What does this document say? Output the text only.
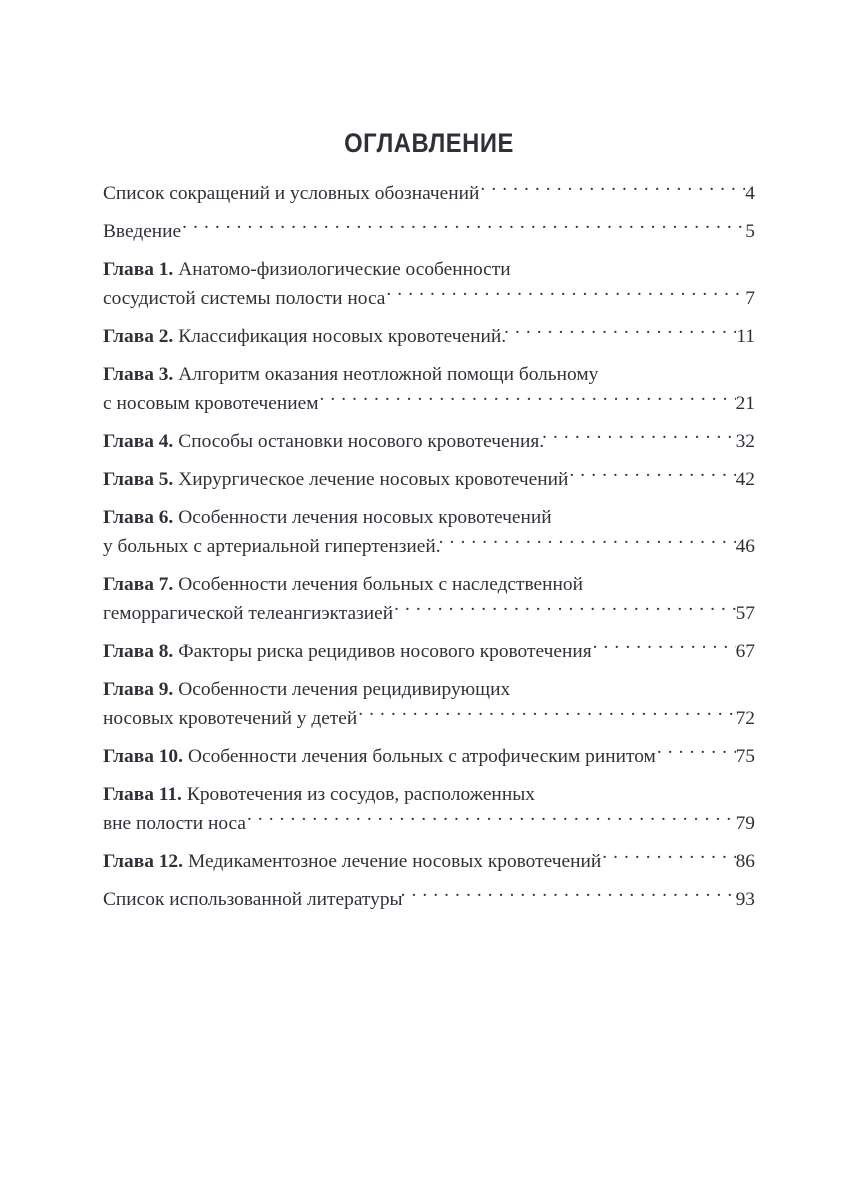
ОГЛАВЛЕНИЕ
Список сокращений и условных обозначений . . .	4
Введение . . .	5
Глава 1. Анатомо-физиологические особенности
сосудистой системы полости носа . . .	7
Глава 2. Классификация носовых кровотечений. . . .	11
Глава 3. Алгоритм оказания неотложной помощи больному
с носовым кровотечением . . .	21
Глава 4. Способы остановки носового кровотечения. . . .	32
Глава 5. Хирургическое лечение носовых кровотечений . . .	42
Глава 6. Особенности лечения носовых кровотечений
у больных с артериальной гипертензией. . . .	46
Глава 7. Особенности лечения больных с наследственной
геморрагической телеангиэктазией . . .	57
Глава 8. Факторы риска рецидивов носового кровотечения . . .	67
Глава 9. Особенности лечения рецидивирующих
носовых кровотечений у детей . . .	72
Глава 10. Особенности лечения больных с атрофическим ринитом . . .	75
Глава 11. Кровотечения из сосудов, расположенных
вне полости носа . . .	79
Глава 12. Медикаментозное лечение носовых кровотечений . . .	86
Список использованной литературы . . .	93
